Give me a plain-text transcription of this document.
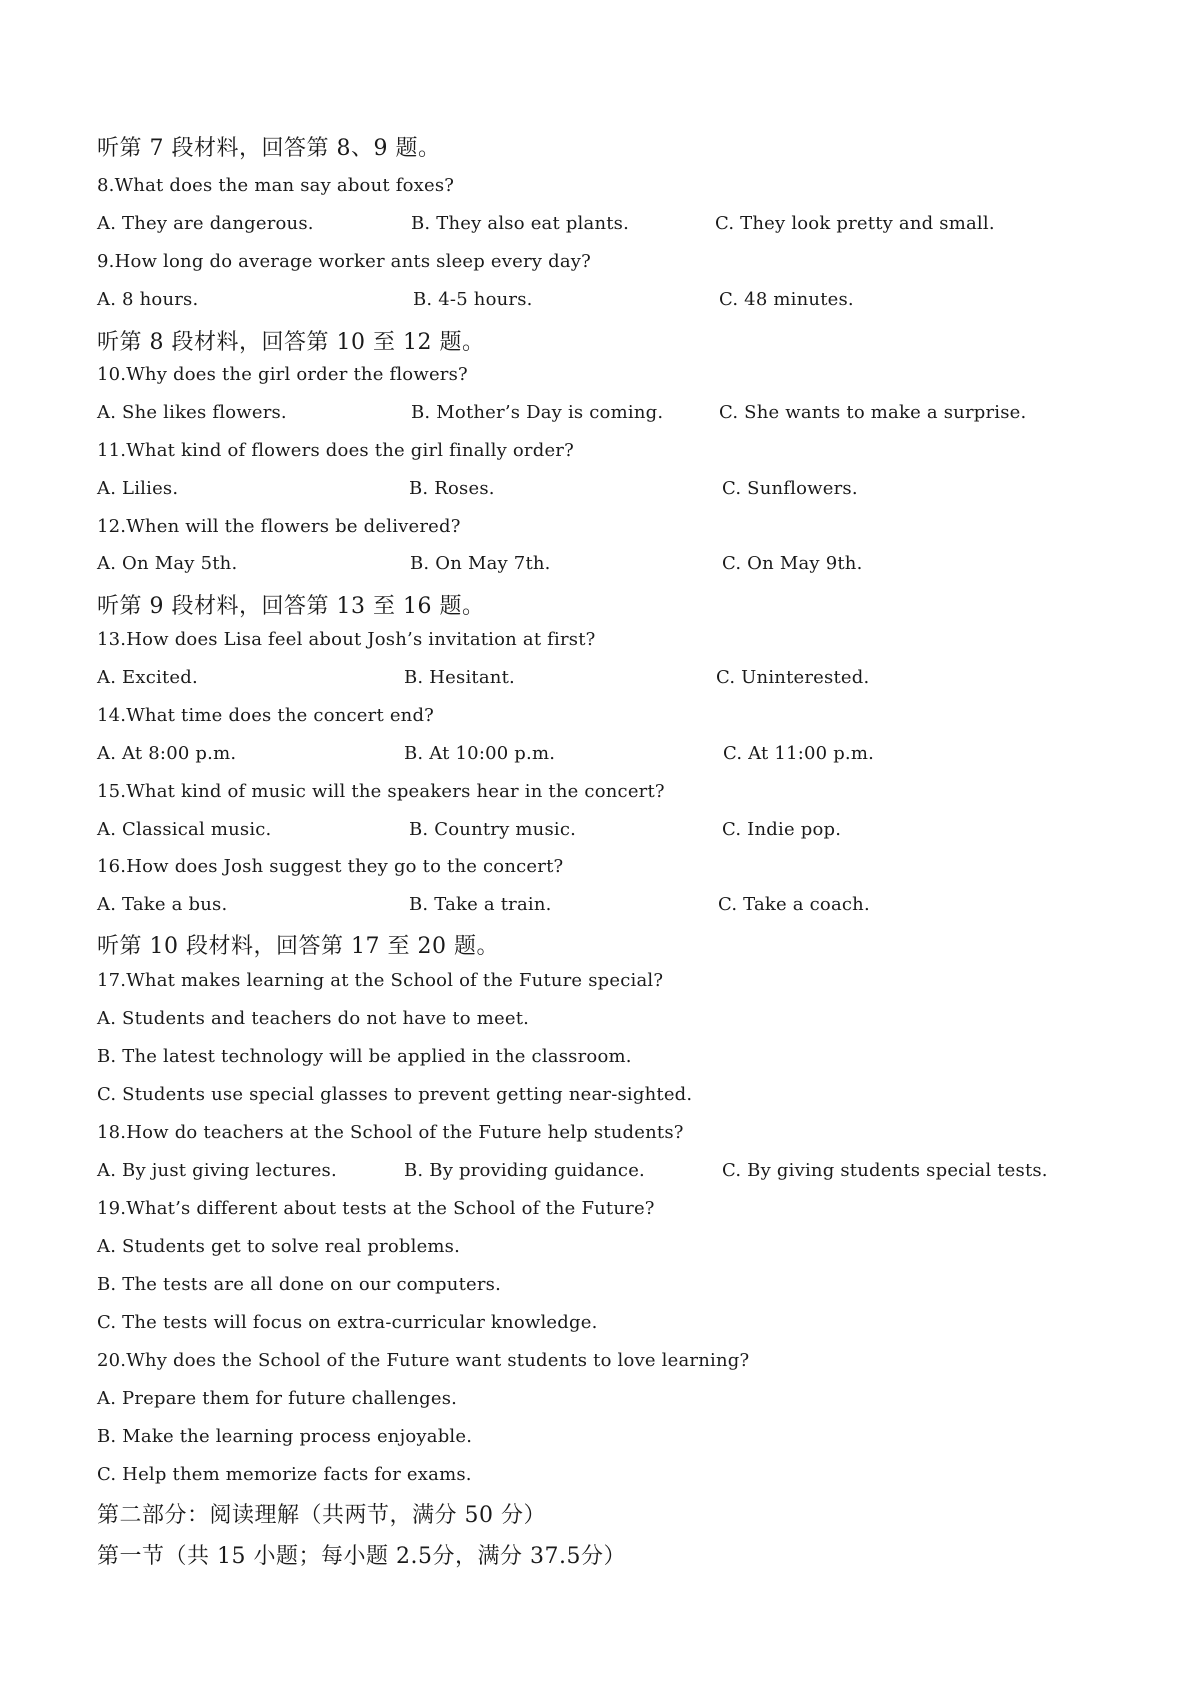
听第 7 段材料，回答第 8、9 题。
8.What does the man say about foxes?
A. They are dangerous.	B. They also eat plants.	C. They look pretty and small.
9.How long do average worker ants sleep every day?
A. 8 hours.	B. 4-5 hours.	C. 48 minutes.
听第 8 段材料，回答第 10 至 12 题。
10.Why does the girl order the flowers?
A. She likes flowers.	B. Mother’s Day is coming.	C. She wants to make a surprise.
11.What kind of flowers does the girl finally order?
A. Lilies.	B. Roses.	C. Sunflowers.
12.When will the flowers be delivered?
A. On May 5th.	B. On May 7th.	C. On May 9th.
听第 9 段材料，回答第 13 至 16 题。
13.How does Lisa feel about Josh’s invitation at first?
A. Excited.	B. Hesitant.	C. Uninterested.
14.What time does the concert end?
A. At 8:00 p.m.	B. At 10:00 p.m.	C. At 11:00 p.m.
15.What kind of music will the speakers hear in the concert?
A. Classical music.	B. Country music.	C. Indie pop.
16.How does Josh suggest they go to the concert?
A. Take a bus.	B. Take a train.	C. Take a coach.
听第 10 段材料，回答第 17 至 20 题。
17.What makes learning at the School of the Future special?
A. Students and teachers do not have to meet.
B. The latest technology will be applied in the classroom.
C. Students use special glasses to prevent getting near-sighted.
18.How do teachers at the School of the Future help students?
A. By just giving lectures.	B. By providing guidance.	C. By giving students special tests.
19.What’s different about tests at the School of the Future?
A. Students get to solve real problems.
B. The tests are all done on our computers.
C. The tests will focus on extra-curricular knowledge.
20.Why does the School of the Future want students to love learning?
A. Prepare them for future challenges.
B. Make the learning process enjoyable.
C. Help them memorize facts for exams.
第二部分：阅读理解（共两节，满分 50 分）
第一节（共 15 小题；每小题 2.5分，满分 37.5分）
